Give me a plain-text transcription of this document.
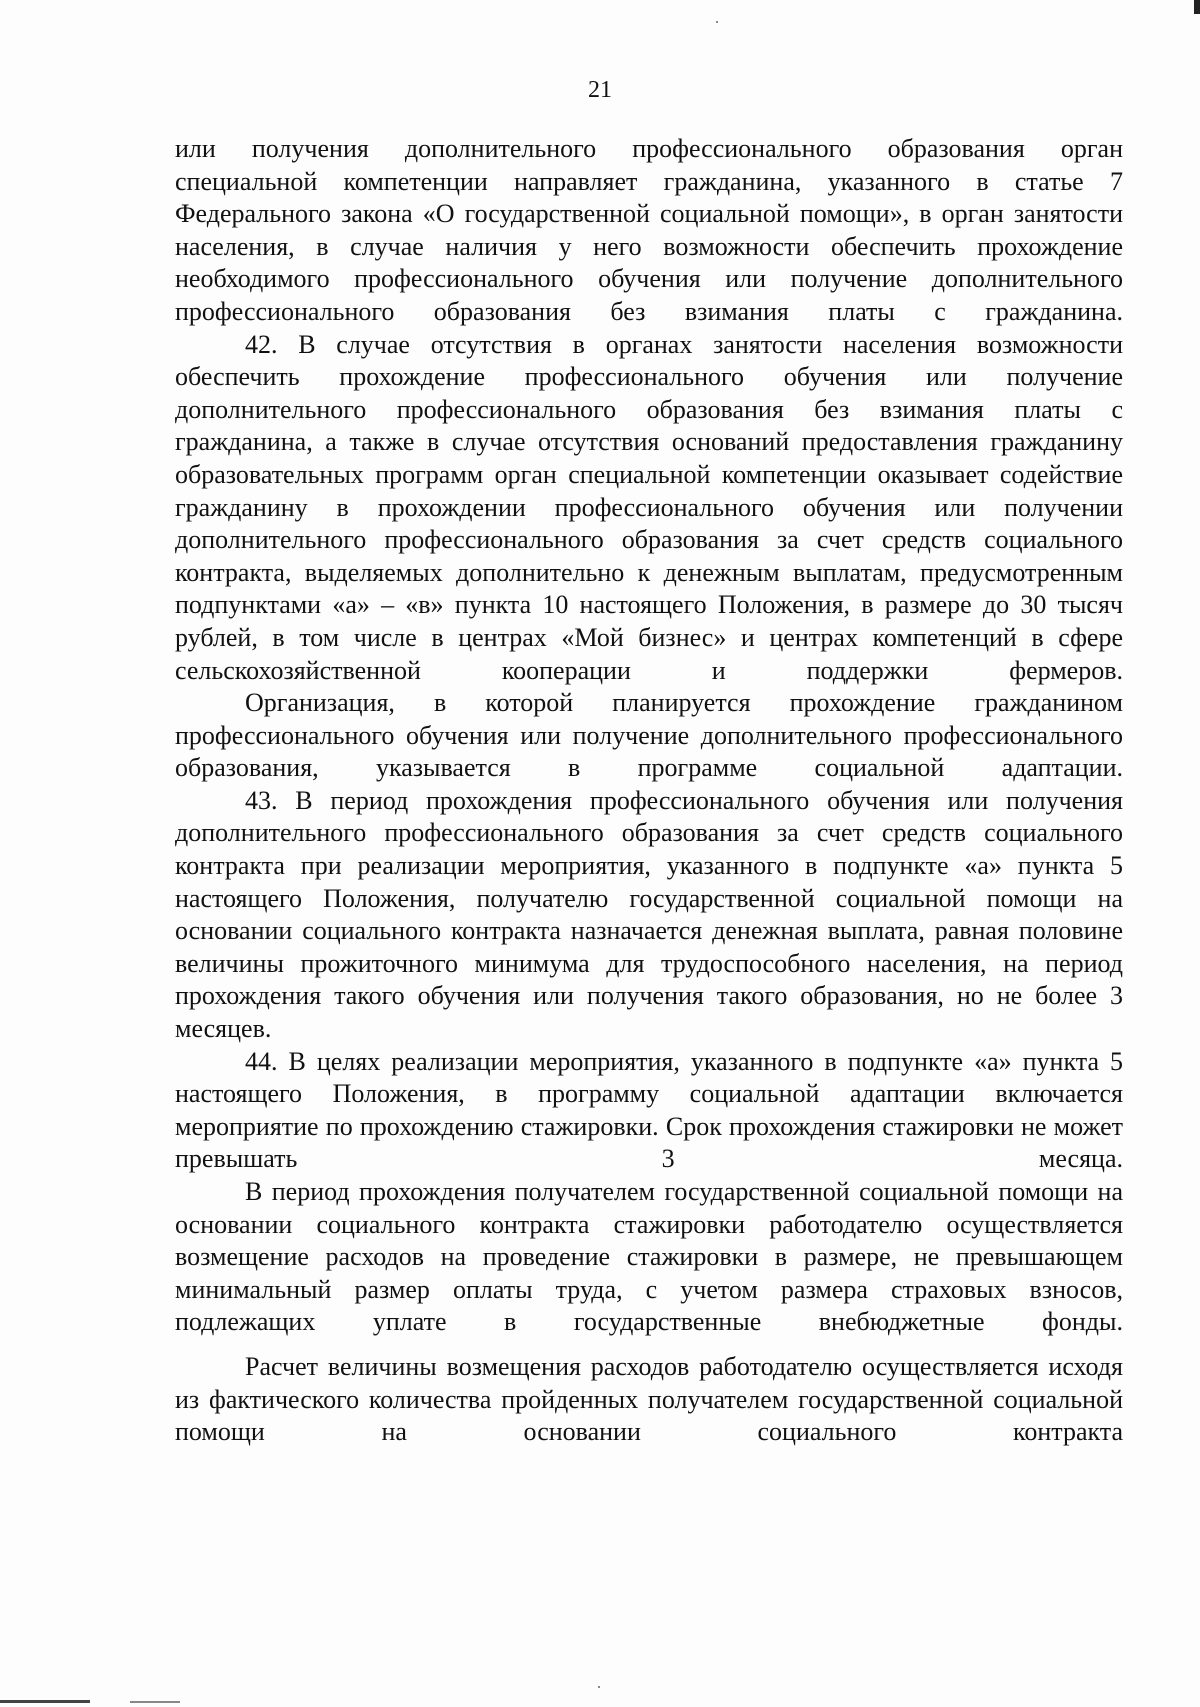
21

или получения дополнительного профессионального образования орган специальной компетенции направляет гражданина, указанного в статье 7 Федерального закона «О государственной социальной помощи», в орган занятости населения, в случае наличия у него возможности обеспечить прохождение необходимого профессионального обучения или получение дополнительного профессионального образования без взимания платы с гражданина.

42. В случае отсутствия в органах занятости населения возможности обеспечить прохождение профессионального обучения или получение дополнительного профессионального образования без взимания платы с гражданина, а также в случае отсутствия оснований предоставления гражданину образовательных программ орган специальной компетенции оказывает содействие гражданину в прохождении профессионального обучения или получении дополнительного профессионального образования за счет средств социального контракта, выделяемых дополнительно к денежным выплатам, предусмотренным подпунктами «а» – «в» пункта 10 настоящего Положения, в размере до 30 тысяч рублей, в том числе в центрах «Мой бизнес» и центрах компетенций в сфере сельскохозяйственной кооперации и поддержки фермеров.

Организация, в которой планируется прохождение гражданином профессионального обучения или получение дополнительного профессионального образования, указывается в программе социальной адаптации.

43. В период прохождения профессионального обучения или получения дополнительного профессионального образования за счет средств социального контракта при реализации мероприятия, указанного в подпункте «а» пункта 5 настоящего Положения, получателю государственной социальной помощи на основании социального контракта назначается денежная выплата, равная половине величины прожиточного минимума для трудоспособного населения, на период прохождения такого обучения или получения такого образования, но не более 3 месяцев.

44. В целях реализации мероприятия, указанного в подпункте «а» пункта 5 настоящего Положения, в программу социальной адаптации включается мероприятие по прохождению стажировки. Срок прохождения стажировки не может превышать 3 месяца.

В период прохождения получателем государственной социальной помощи на основании социального контракта стажировки работодателю осуществляется возмещение расходов на проведение стажировки в размере, не превышающем минимальный размер оплаты труда, с учетом размера страховых взносов, подлежащих уплате в государственные внебюджетные фонды.

Расчет величины возмещения расходов работодателю осуществляется исходя из фактического количества пройденных получателем государственной социальной помощи на основании социального контракта
